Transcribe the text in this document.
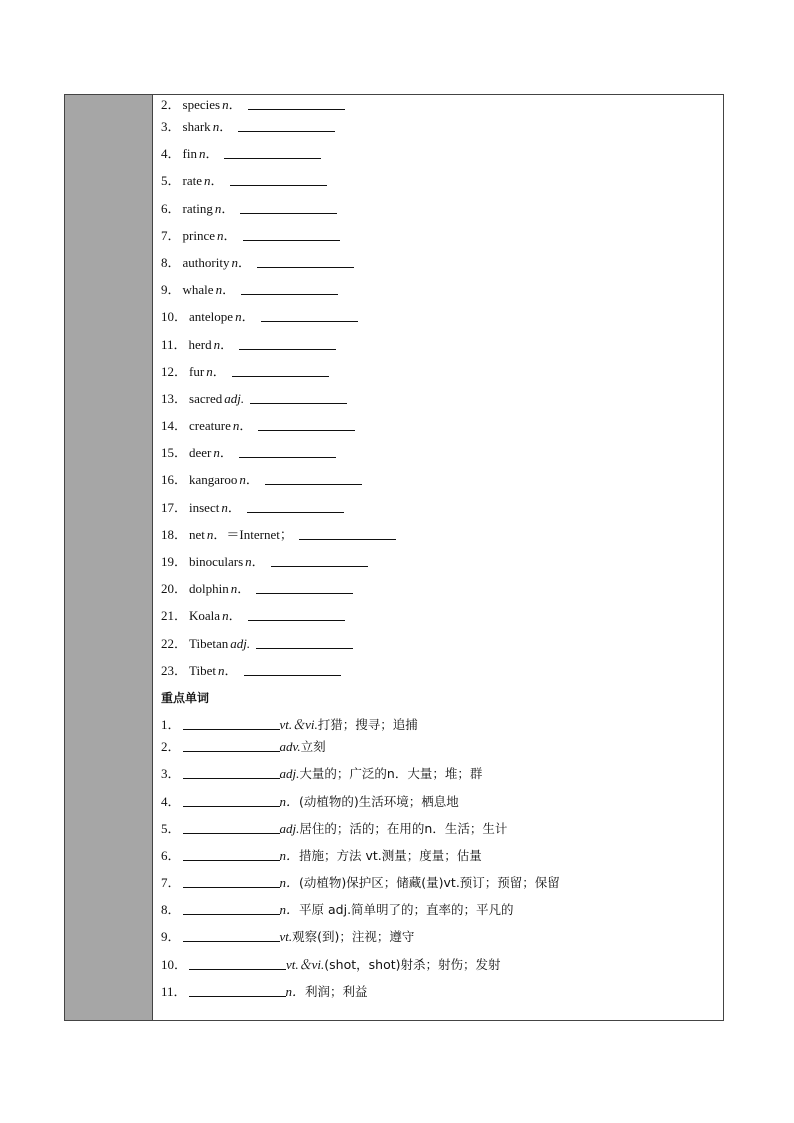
2． species n．
3． shark n．
4． fin n．
5． rate n．
6． rating n．
7． prince n．
8． authority n．
9． whale n．
10． antelope n．
11． herd n．
12． fur n．
13． sacred adj.
14． creature n．
15． deer n．
16． kangaroo n．
17． insect n．
18． net n．＝Internet；
19． binoculars n．
20． dolphin n．
21． Koala n．
22． Tibetan adj.
23． Tibet n．
重点单词
1．	vt.＆vi.打猎；搜寻；追捕
2．	adv.立刻
3．	adj.大量的；广泛的n．大量；堆；群
4．	n．(动植物的)生活环境；栖息地
5．	adj.居住的；活的；在用的n．生活；生计
6．	n．措施；方法 vt.测量；度量；估量
7．	n．(动植物)保护区；储藏(量)vt.预订；预留；保留
8．	n．平原 adj.简单明了的；直率的；平凡的
9．	vt.观察(到)；注视；遵守
10．	vt.＆vi.(shot，shot)射杀；射伤；发射
11．	n．利润；利益
